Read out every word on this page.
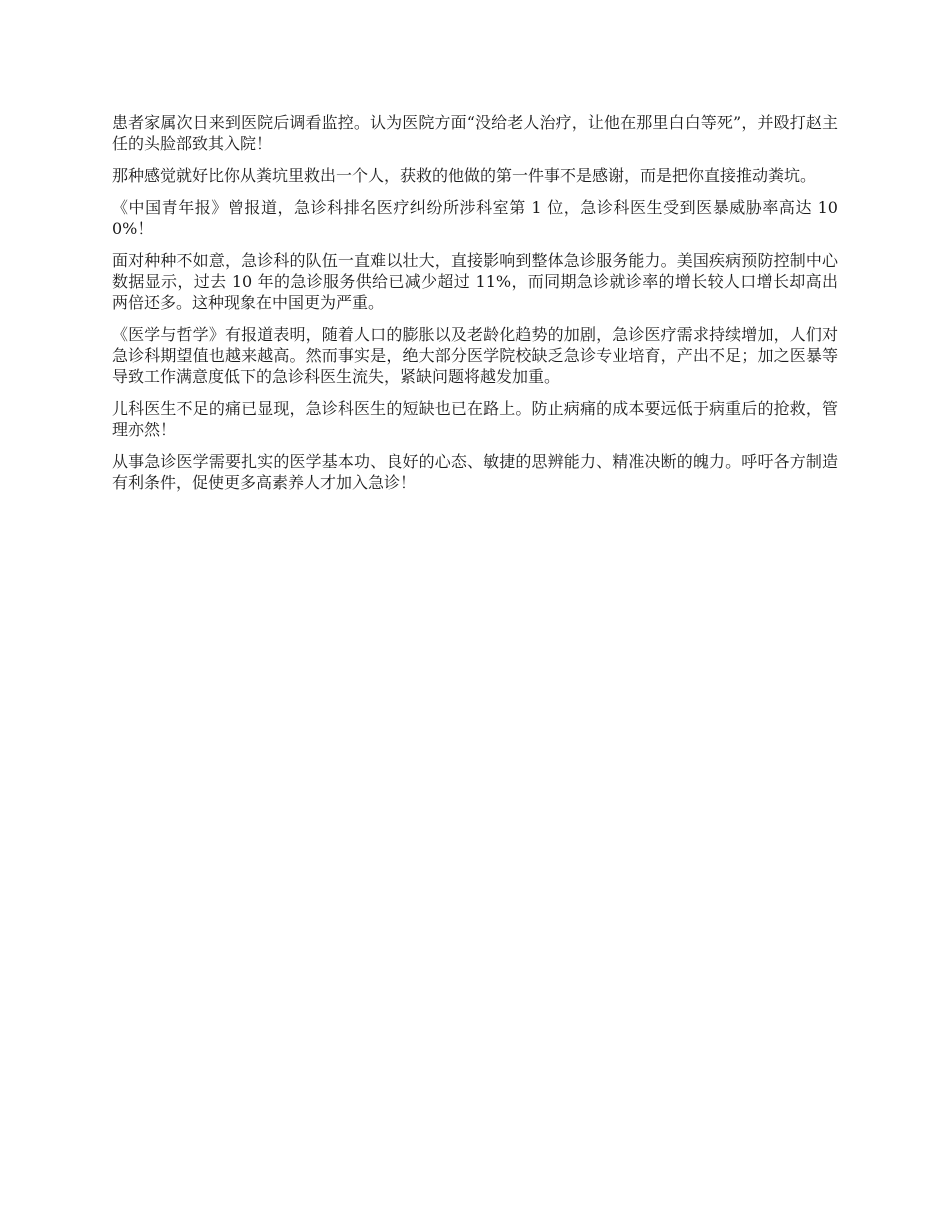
患者家属次日来到医院后调看监控。认为医院方面“没给老人治疗，让他在那里白白等死”，并殴打赵主任的头脸部致其入院！

那种感觉就好比你从粪坑里救出一个人，获救的他做的第一件事不是感谢，而是把你直接推动粪坑。

《中国青年报》曾报道，急诊科排名医疗纠纷所涉科室第 1 位，急诊科医生受到医暴威胁率高达 100%！

面对种种不如意，急诊科的队伍一直难以壮大，直接影响到整体急诊服务能力。美国疾病预防控制中心数据显示，过去 10 年的急诊服务供给已减少超过 11%，而同期急诊就诊率的增长较人口增长却高出两倍还多。这种现象在中国更为严重。

《医学与哲学》有报道表明，随着人口的膨胀以及老龄化趋势的加剧，急诊医疗需求持续增加，人们对急诊科期望值也越来越高。然而事实是，绝大部分医学院校缺乏急诊专业培育，产出不足；加之医暴等导致工作满意度低下的急诊科医生流失，紧缺问题将越发加重。

儿科医生不足的痛已显现，急诊科医生的短缺也已在路上。防止病痛的成本要远低于病重后的抢救，管理亦然！

从事急诊医学需要扎实的医学基本功、良好的心态、敏捷的思辨能力、精准决断的魄力。呼吁各方制造有利条件，促使更多高素养人才加入急诊！
